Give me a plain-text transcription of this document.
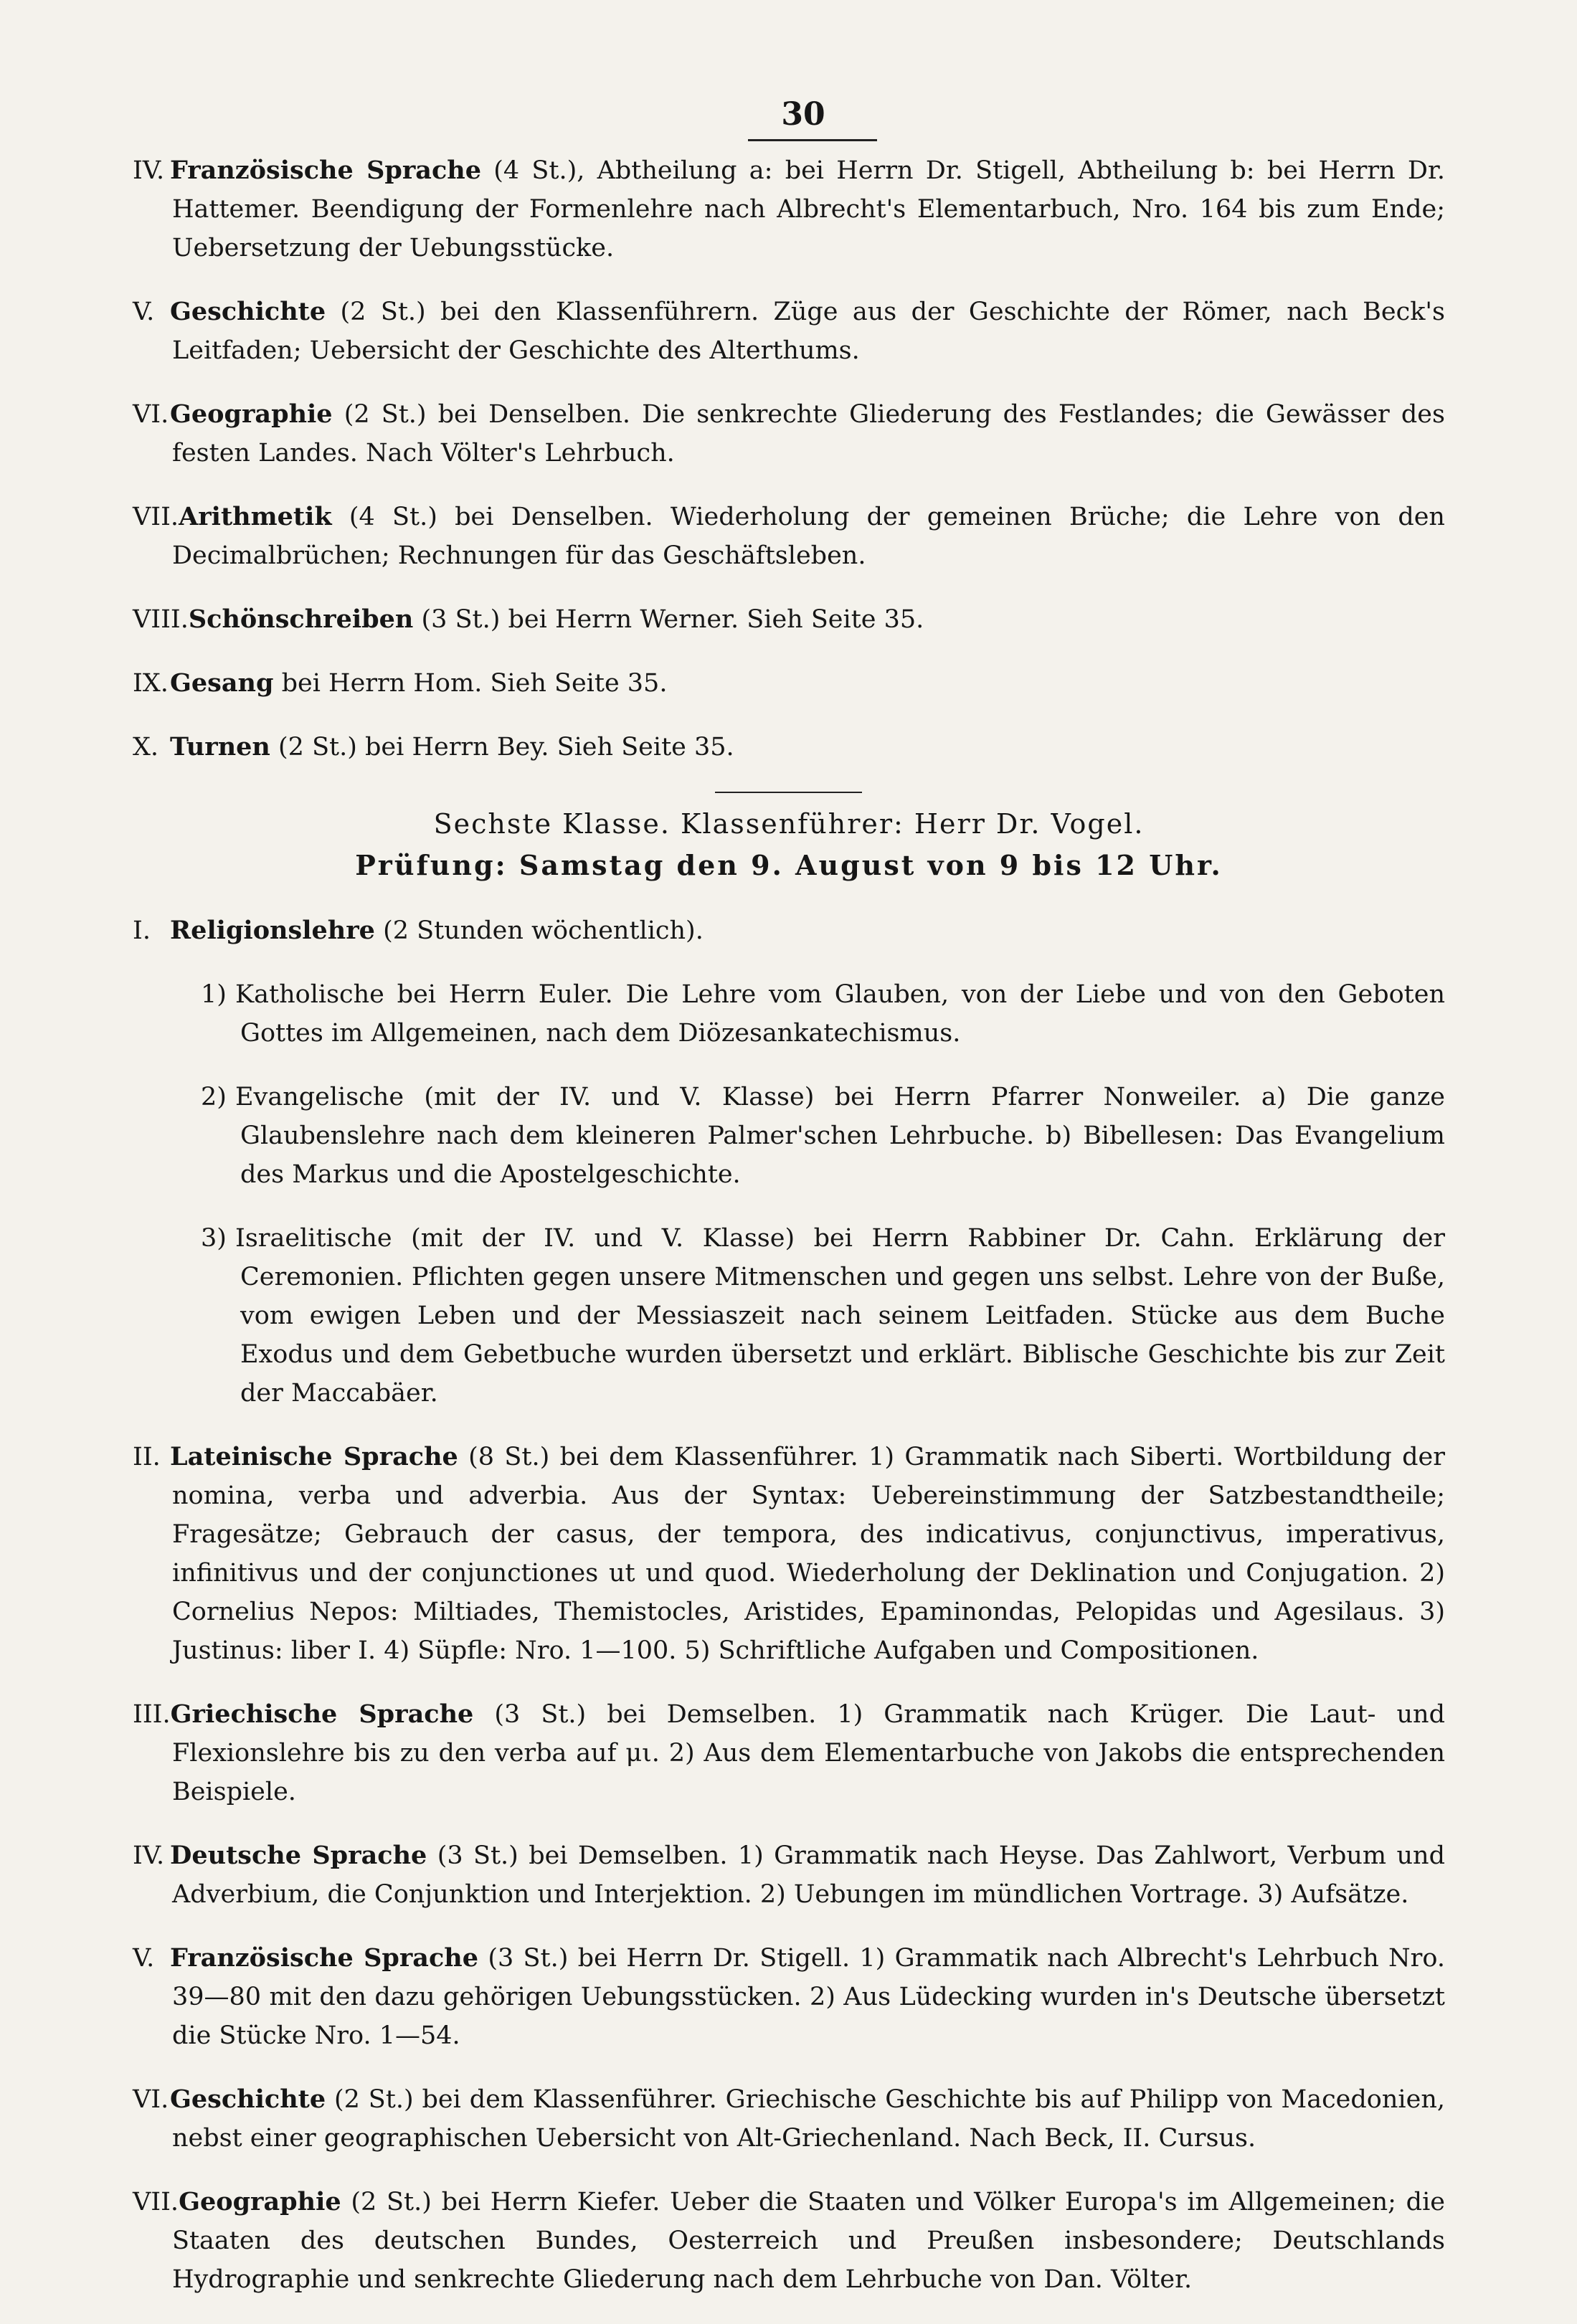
30

IV. Französische Sprache (4 St.), Abtheilung a: bei Herrn Dr. Stigell, Abtheilung b: bei Herrn Dr. Hattemer. Beendigung der Formenlehre nach Albrecht's Elementarbuch, Nro. 164 bis zum Ende; Uebersetzung der Uebungsstücke.

V. Geschichte (2 St.) bei den Klassenführern. Züge aus der Geschichte der Römer, nach Beck's Leitfaden; Uebersicht der Geschichte des Alterthums.

VI.Geographie (2 St.) bei Denselben. Die senkrechte Gliederung des Festlandes; die Gewässer des festen Landes. Nach Völter's Lehrbuch.

VII.Arithmetik (4 St.) bei Denselben. Wiederholung der gemeinen Brüche; die Lehre von den Decimalbrüchen; Rechnungen für das Geschäftsleben.

VIII.Schönschreiben (3 St.) bei Herrn Werner. Sieh Seite 35.

IX.Gesang bei Herrn Hom. Sieh Seite 35.

X. Turnen (2 St.) bei Herrn Bey. Sieh Seite 35.

Sechste Klasse. Klassenführer: Herr Dr. Vogel.
Prüfung: Samstag den 9. August von 9 bis 12 Uhr.

I. Religionslehre (2 Stunden wöchentlich).

1) Katholische bei Herrn Euler. Die Lehre vom Glauben, von der Liebe und von den Geboten Gottes im Allgemeinen, nach dem Diözesankatechismus.

2) Evangelische (mit der IV. und V. Klasse) bei Herrn Pfarrer Nonweiler. a) Die ganze Glaubenslehre nach dem kleineren Palmer'schen Lehrbuche. b) Bibellesen: Das Evangelium des Markus und die Apostelgeschichte.

3) Israelitische (mit der IV. und V. Klasse) bei Herrn Rabbiner Dr. Cahn. Erklärung der Ceremonien. Pflichten gegen unsere Mitmenschen und gegen uns selbst. Lehre von der Buße, vom ewigen Leben und der Messiaszeit nach seinem Leitfaden. Stücke aus dem Buche Exodus und dem Gebetbuche wurden übersetzt und erklärt. Biblische Geschichte bis zur Zeit der Maccabäer.

II. Lateinische Sprache (8 St.) bei dem Klassenführer. 1) Grammatik nach Siberti. Wortbildung der nomina, verba und adverbia. Aus der Syntax: Uebereinstimmung der Satzbestandtheile; Fragesätze; Gebrauch der casus, der tempora, des indicativus, conjunctivus, imperativus, infinitivus und der conjunctiones ut und quod. Wiederholung der Deklination und Conjugation. 2) Cornelius Nepos: Miltiades, Themistocles, Aristides, Epaminondas, Pelopidas und Agesilaus. 3) Justinus: liber I. 4) Süpfle: Nro. 1—100. 5) Schriftliche Aufgaben und Compositionen.

III.Griechische Sprache (3 St.) bei Demselben. 1) Grammatik nach Krüger. Die Laut- und Flexionslehre bis zu den verba auf μι. 2) Aus dem Elementarbuche von Jakobs die entsprechenden Beispiele.

IV. Deutsche Sprache (3 St.) bei Demselben. 1) Grammatik nach Heyse. Das Zahlwort, Verbum und Adverbium, die Conjunktion und Interjektion. 2) Uebungen im mündlichen Vortrage. 3) Aufsätze.

V. Französische Sprache (3 St.) bei Herrn Dr. Stigell. 1) Grammatik nach Albrecht's Lehrbuch Nro. 39—80 mit den dazu gehörigen Uebungsstücken. 2) Aus Lüdecking wurden in's Deutsche übersetzt die Stücke Nro. 1—54.

VI.Geschichte (2 St.) bei dem Klassenführer. Griechische Geschichte bis auf Philipp von Macedonien, nebst einer geographischen Uebersicht von Alt-Griechenland. Nach Beck, II. Cursus.

VII.Geographie (2 St.) bei Herrn Kiefer. Ueber die Staaten und Völker Europa's im Allgemeinen; die Staaten des deutschen Bundes, Oesterreich und Preußen insbesondere; Deutschlands Hydrographie und senkrechte Gliederung nach dem Lehrbuche von Dan. Völter.
